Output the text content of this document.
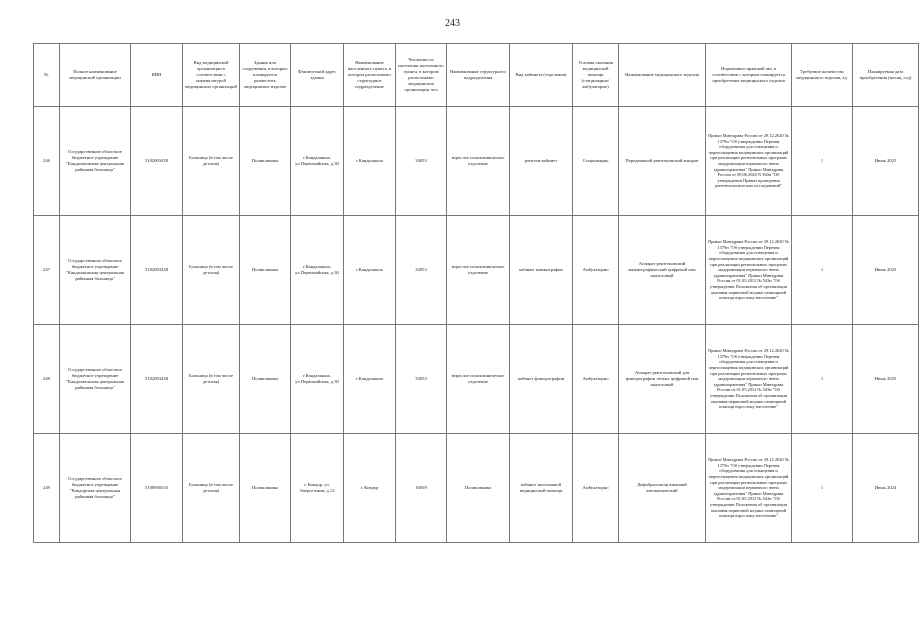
243
№	Полное наименование медицинской организации	ИНН	Вид медицинской организации в соответствии с номенклатурой медицинских организаций	Здания или сооружения, в которых планируется разместить медицинское изделие	Фактический адрес здания	Наименование населенного пункта, в котором расположено структурное подразделение	Численность населения населенного пункта, в котором расположено медицинская организация, чел	Наименование структурного подразделения	Вид кабинета (отделения)	Условия оказания медицинской помощи (стационарно/ амбулаторно)	Наименование медицинского изделия	Нормативно-правовой акт, в соответствии с которым планируется приобретение медицинского изделия	Требуемое количество медицинского изделия, ед.	Планируемая дата приобретения (месяц, год)
246	Государственное областное бюджетное учреждение "Кандалакшская центральная районная больница"	5102003438	Больница (в том числе детская)	Поликлиника	г.Кандалакша, ул.Первомайская, д.30	г.Кандалакша	34053	взрослое поликлиническое отделение	рентген-кабинет	Стационарно	Передвижной рентгеновский аппарат	Приказ Минздрава России от 29.12.2020 № 1379н "Об утверждении Перечня оборудования для оснащения и переоснащения медицинских организаций при реализации региональных программ модернизации первичного звена здравоохранения" Приказ Минздрава России от 09.06.2020 N 560н "Об утверждении Правил проведения рентгенологических исследований"	1	Июнь 2025
247	Государственное областное бюджетное учреждение "Кандалакшская центральная районная больница"	5102003438	Больница (в том числе детская)	Поликлиника	г.Кандалакша, ул.Первомайская, д.30	г.Кандалакша	34053	взрослое поликлиническое отделение	кабинет маммографии	Амбулаторно	Аппарат рентгеновский маммографический цифровой или аналоговый	Приказ Минздрава России от 29.12.2020 № 1379н "Об утверждении Перечня оборудования для оснащения и переоснащения медицинских организаций при реализации региональных программ модернизации первичного звена здравоохранения" Приказ Минздрава России от 01.05.2012 № 543н "Об утверждении Положения об организации оказания первичной медико-санитарной помощи взрослому населению"	1	Июнь 2025
248	Государственное областное бюджетное учреждение "Кандалакшская центральная районная больница"	5102003438	Больница (в том числе детская)	Поликлиника	г.Кандалакша, ул.Первомайская, д.30	г.Кандалакша	34053	взрослое поликлиническое отделение	кабинет флюорографии	Амбулаторно	Аппарат рентгеновский для флюорографии легких цифровой или аналоговый	Приказ Минздрава России от 29.12.2020 № 1379н "Об утверждении Перечня оборудования для оснащения и переоснащения медицинских организаций при реализации региональных программ модернизации первичного звена здравоохранения" Приказ Минздрава России от 01.05.2012 № 543н "Об утверждении Положения об организации оказания первичной медико-санитарной помощи взрослому населению"	1	Июнь 2025
249	Государственное областное бюджетное учреждение "Ковдорская центральная районная больница"	5108900533	Больница (в том числе детская)	Поликлиника	г. Ковдор, ул. Энергетиков, д.12	г. Ковдор	16059	Поликлиника	кабинет неотложной медицинской помощи	Амбулаторно	Дефибриллятор внешний автоматический	Приказ Минздрава России от 29.12.2020 № 1379н "Об утверждении Перечня оборудования для оснащения и переоснащения медицинских организаций при реализации региональных программ модернизации первичного звена здравоохранения" Приказ Минздрава России от 01.05.2012 № 543н "Об утверждении Положения об организации оказания первичной медико-санитарной помощи взрослому населению"	1	Июнь 2024
